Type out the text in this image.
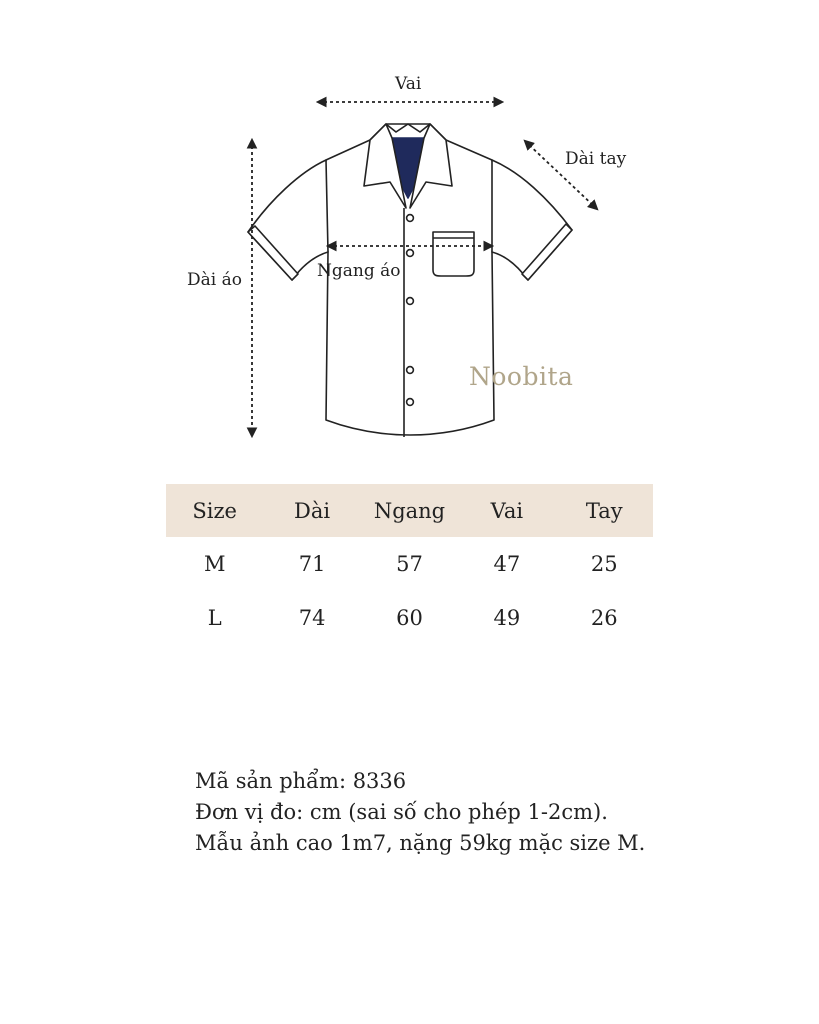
Vai
Dài tay
Dài áo	Ngang áo
Noobita
Size	Dài	Ngang	Vai	Tay
M	71	57	47	25
L	74	60	49	26
Mã sản phẩm: 8336
Đơn vị đo: cm (sai số cho phép 1-2cm).
Mẫu ảnh cao 1m7, nặng 59kg mặc size M.
